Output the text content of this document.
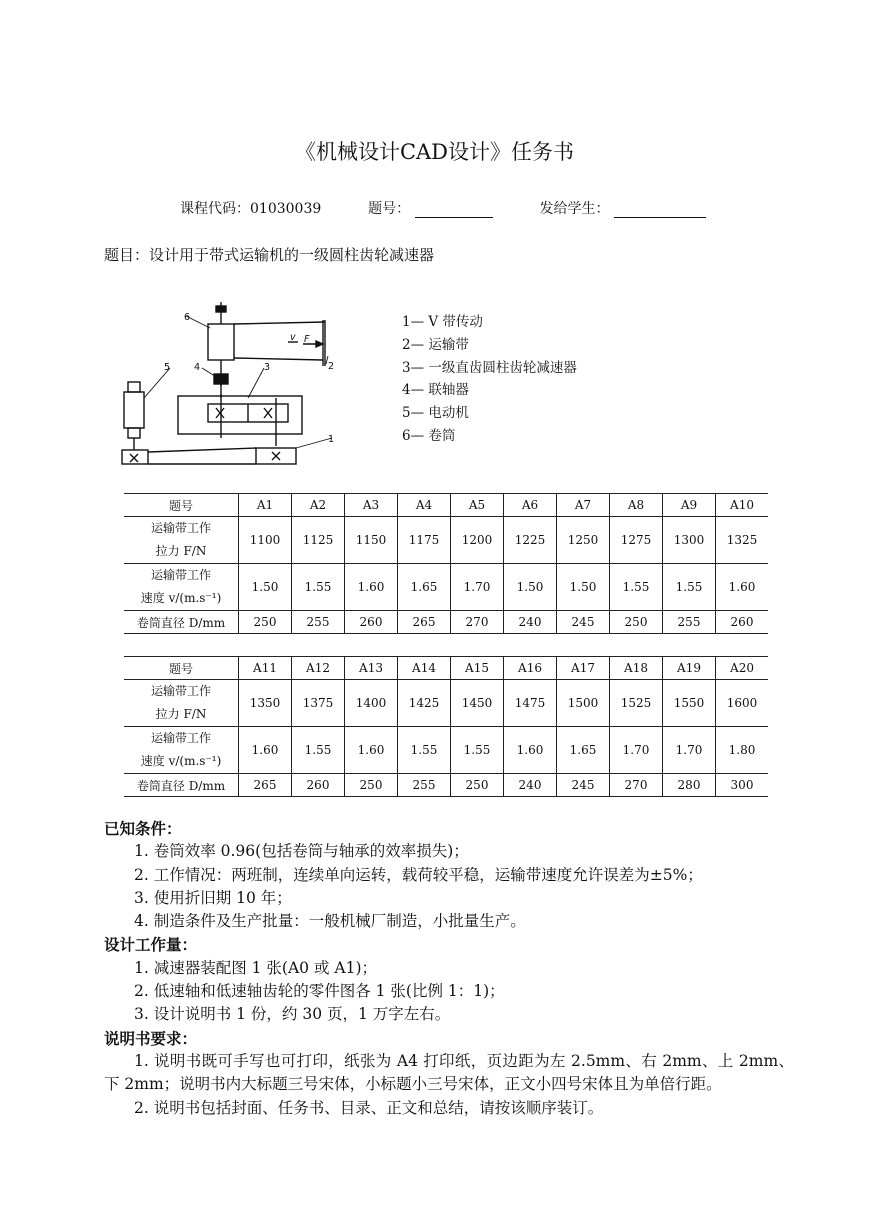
《机械设计CAD设计》任务书
课程代码：01030039	题号：	发给学生：
题目：设计用于带式运输机的一级圆柱齿轮减速器
1
2
3
4
5
6
F
v
1— V 带传动
2— 运输带
3— 一级直齿圆柱齿轮减速器
4— 联轴器
5— 电动机
6— 卷筒
题号	A1	A2	A3	A4	A5	A6	A7	A8	A9	A10

运输带工作
拉力 F/N	1100	1125	1150	1175	1200	1225	1250	1275	1300	1325

运输带工作
速度 v/(m.s⁻¹)	1.50	1.55	1.60	1.65	1.70	1.50	1.50	1.55	1.55	1.60
卷筒直径 D/mm	250	255	260	265	270	240	245	250	255	260
题号	A11	A12	A13	A14	A15	A16	A17	A18	A19	A20

运输带工作
拉力 F/N	1350	1375	1400	1425	1450	1475	1500	1525	1550	1600

运输带工作
速度 v/(m.s⁻¹)	1.60	1.55	1.60	1.55	1.55	1.60	1.65	1.70	1.70	1.80
卷筒直径 D/mm	265	260	250	255	250	240	245	270	280	300
已知条件：
1. 卷筒效率 0.96(包括卷筒与轴承的效率损失)；
2. 工作情况：两班制，连续单向运转，载荷较平稳，运输带速度允许误差为±5%；
3. 使用折旧期 10 年；
4. 制造条件及生产批量：一般机械厂制造，小批量生产。
设计工作量：
1. 减速器装配图 1 张(A0 或 A1)；
2. 低速轴和低速轴齿轮的零件图各 1 张(比例 1：1)；
3. 设计说明书 1 份，约 30 页，1 万字左右。
说明书要求：
1. 说明书既可手写也可打印，纸张为 A4 打印纸，页边距为左 2.5mm、右 2mm、上 2mm、下 2mm；说明书内大标题三号宋体，小标题小三号宋体，正文小四号宋体且为单倍行距。
2. 说明书包括封面、任务书、目录、正文和总结，请按该顺序装订。
